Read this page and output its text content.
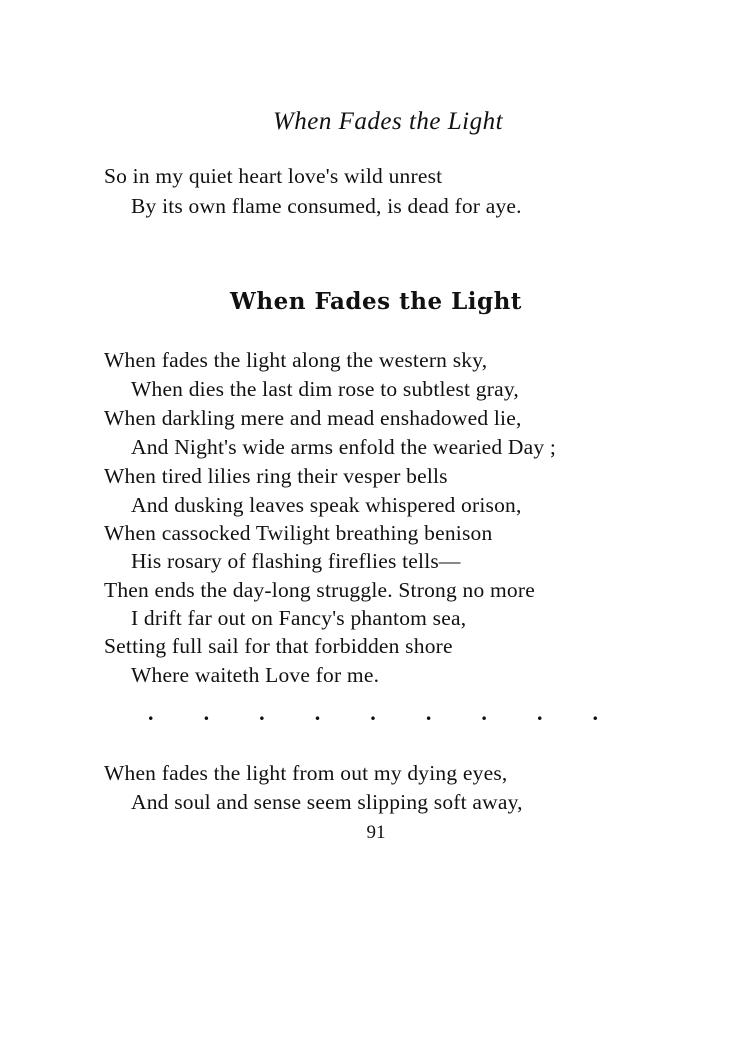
When Fades the Light
So in my quiet heart love's wild unrest
By its own flame consumed, is dead for aye.
When Fades the Light
When fades the light along the western sky,
When dies the last dim rose to subtlest gray,
When darkling mere and mead enshadowed lie,
And Night's wide arms enfold the wearied Day ;
When tired lilies ring their vesper bells
And dusking leaves speak whispered orison,
When cassocked Twilight breathing benison
His rosary of flashing fireflies tells—
Then ends the day-long struggle. Strong no more
I drift far out on Fancy's phantom sea,
Setting full sail for that forbidden shore
Where waiteth Love for me.
. . . . . . . . .
When fades the light from out my dying eyes,
And soul and sense seem slipping soft away,
91
